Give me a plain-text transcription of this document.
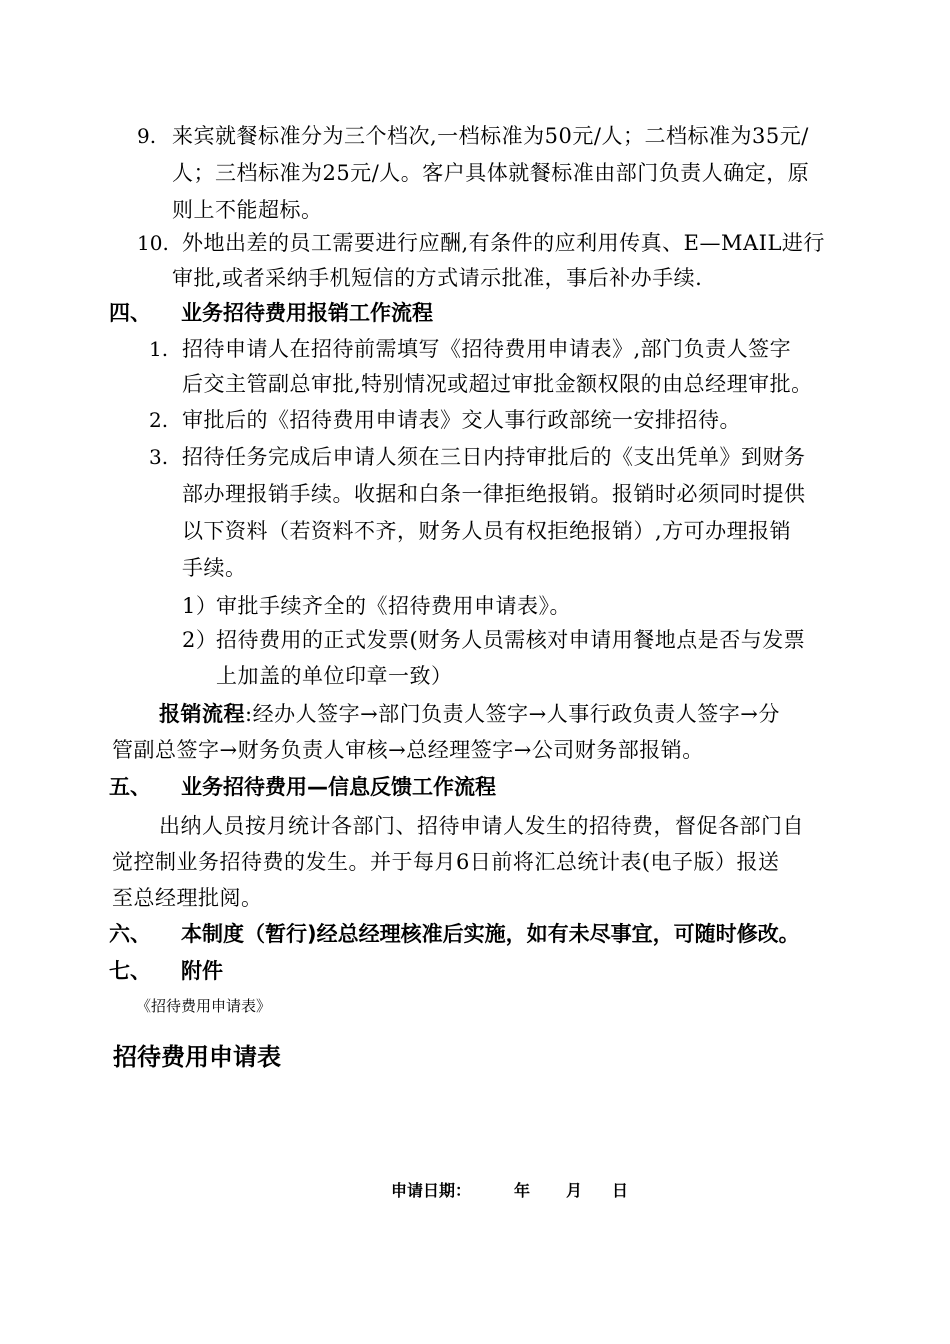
9. 来宾就餐标准分为三个档次,一档标准为50元/人；二档标准为35元/
人；三档标准为25元/人。客户具体就餐标准由部门负责人确定，原
则上不能超标。
10. 外地出差的员工需要进行应酬,有条件的应利用传真、E—MAIL进行
审批,或者采纳手机短信的方式请示批准，事后补办手续.
四、 业务招待费用报销工作流程
1. 招待申请人在招待前需填写《招待费用申请表》,部门负责人签字
后交主管副总审批,特别情况或超过审批金额权限的由总经理审批。
2. 审批后的《招待费用申请表》交人事行政部统一安排招待。
3. 招待任务完成后申请人须在三日内持审批后的《支出凭单》到财务
部办理报销手续。收据和白条一律拒绝报销。报销时必须同时提供
以下资料（若资料不齐，财务人员有权拒绝报销）,方可办理报销
手续。
1）
审批手续齐全的《招待费用申请表》。
2）
招待费用的正式发票(财务人员需核对申请用餐地点是否与发票
上加盖的单位印章一致）
报销流程:经办人签字→部门负责人签字→人事行政负责人签字→分
管副总签字→财务负责人审核→总经理签字→公司财务部报销。
五、 业务招待费用—信息反馈工作流程
出纳人员按月统计各部门、招待申请人发生的招待费，督促各部门自
觉控制业务招待费的发生。并于每月6日前将汇总统计表(电子版）报送
至总经理批阅。
六、 本制度（暂行)经总经理核准后实施，如有未尽事宜，可随时修改。
七、 附件
《招待费用申请表》
招待费用申请表
申请日期：	年 月 日
